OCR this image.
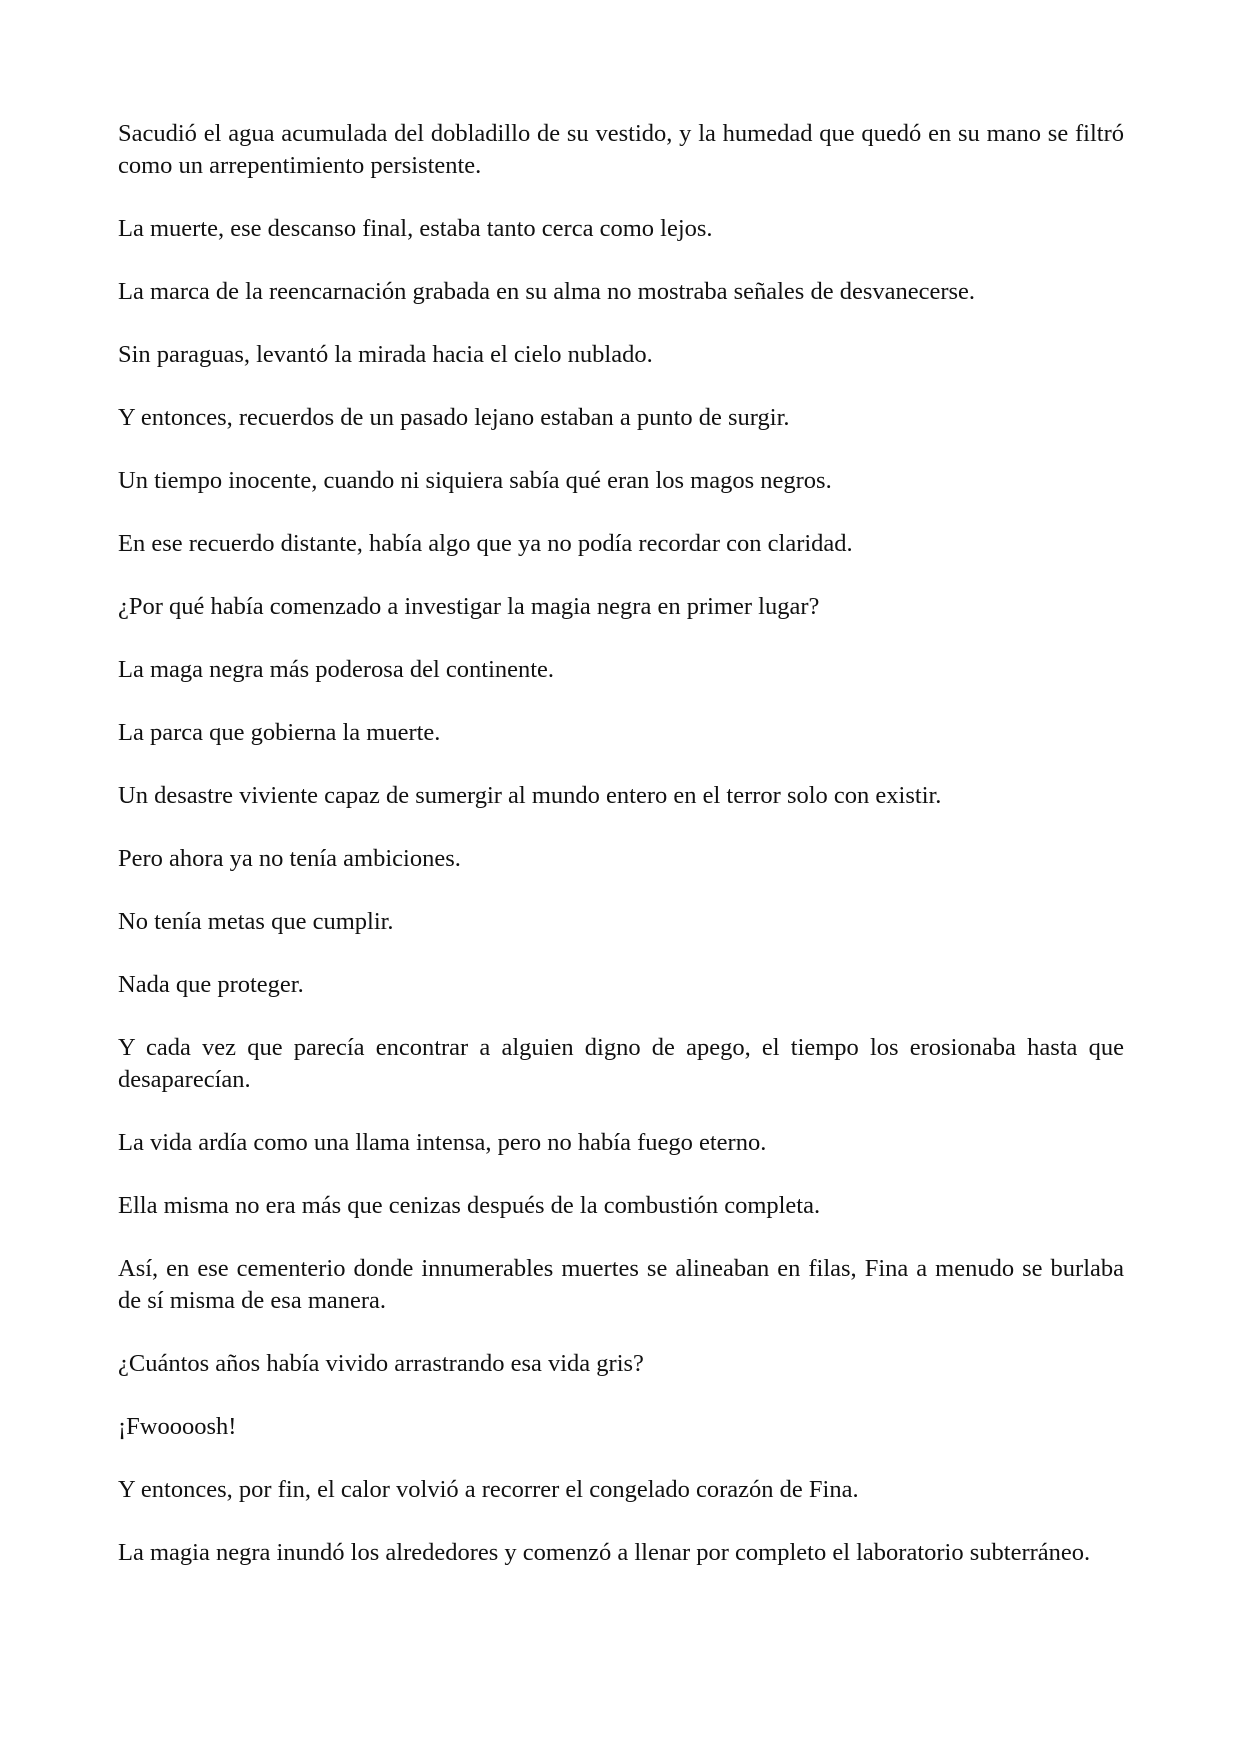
Sacudió el agua acumulada del dobladillo de su vestido, y la humedad que quedó en su mano se filtró como un arrepentimiento persistente.

La muerte, ese descanso final, estaba tanto cerca como lejos.

La marca de la reencarnación grabada en su alma no mostraba señales de desvanecerse.

Sin paraguas, levantó la mirada hacia el cielo nublado.

Y entonces, recuerdos de un pasado lejano estaban a punto de surgir.

Un tiempo inocente, cuando ni siquiera sabía qué eran los magos negros.

En ese recuerdo distante, había algo que ya no podía recordar con claridad.

¿Por qué había comenzado a investigar la magia negra en primer lugar?

La maga negra más poderosa del continente.

La parca que gobierna la muerte.

Un desastre viviente capaz de sumergir al mundo entero en el terror solo con existir.

Pero ahora ya no tenía ambiciones.

No tenía metas que cumplir.

Nada que proteger.

Y cada vez que parecía encontrar a alguien digno de apego, el tiempo los erosionaba hasta que desaparecían.

La vida ardía como una llama intensa, pero no había fuego eterno.

Ella misma no era más que cenizas después de la combustión completa.

Así, en ese cementerio donde innumerables muertes se alineaban en filas, Fina a menudo se burlaba de sí misma de esa manera.

¿Cuántos años había vivido arrastrando esa vida gris?

¡Fwoooosh!

Y entonces, por fin, el calor volvió a recorrer el congelado corazón de Fina.

La magia negra inundó los alrededores y comenzó a llenar por completo el laboratorio subterráneo.
